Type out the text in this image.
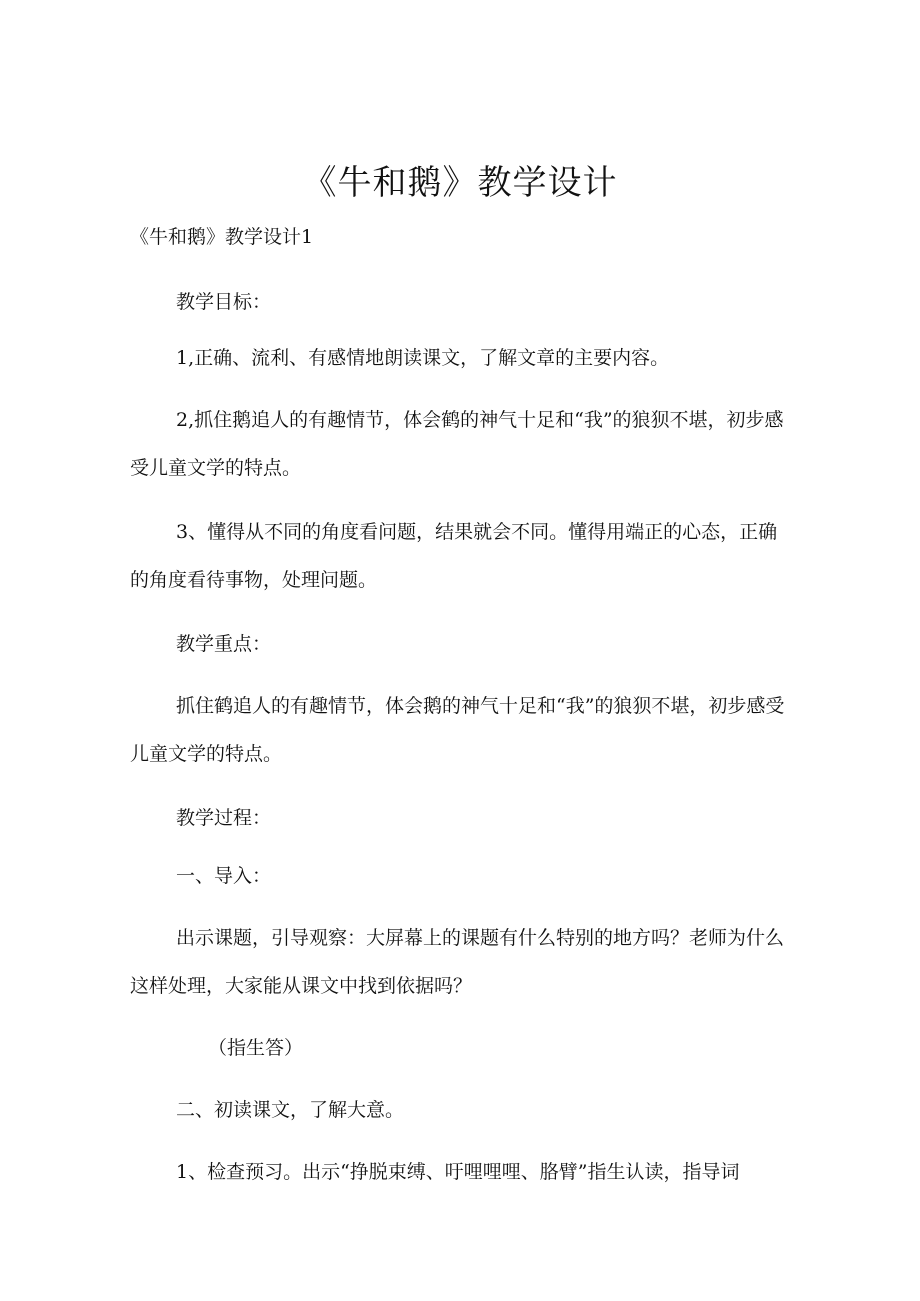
《牛和鹅》教学设计
《牛和鹅》教学设计1

教学目标：

1,正确、流利、有感情地朗读课文，了解文章的主要内容。

2,抓住鹅追人的有趣情节，体会鹤的神气十足和“我”的狼狈不堪，初步感受儿童文学的特点。

3、懂得从不同的角度看问题，结果就会不同。懂得用端正的心态，正确的角度看待事物，处理问题。

教学重点：

抓住鹤追人的有趣情节，体会鹅的神气十足和“我”的狼狈不堪，初步感受儿童文学的特点。

教学过程：

一、导入：

出示课题，引导观察：大屏幕上的课题有什么特别的地方吗？老师为什么这样处理，大家能从课文中找到依据吗？

（指生答）

二、初读课文，了解大意。

1、检查预习。出示“挣脱束缚、吁哩哩哩、胳臂”指生认读，指导词
